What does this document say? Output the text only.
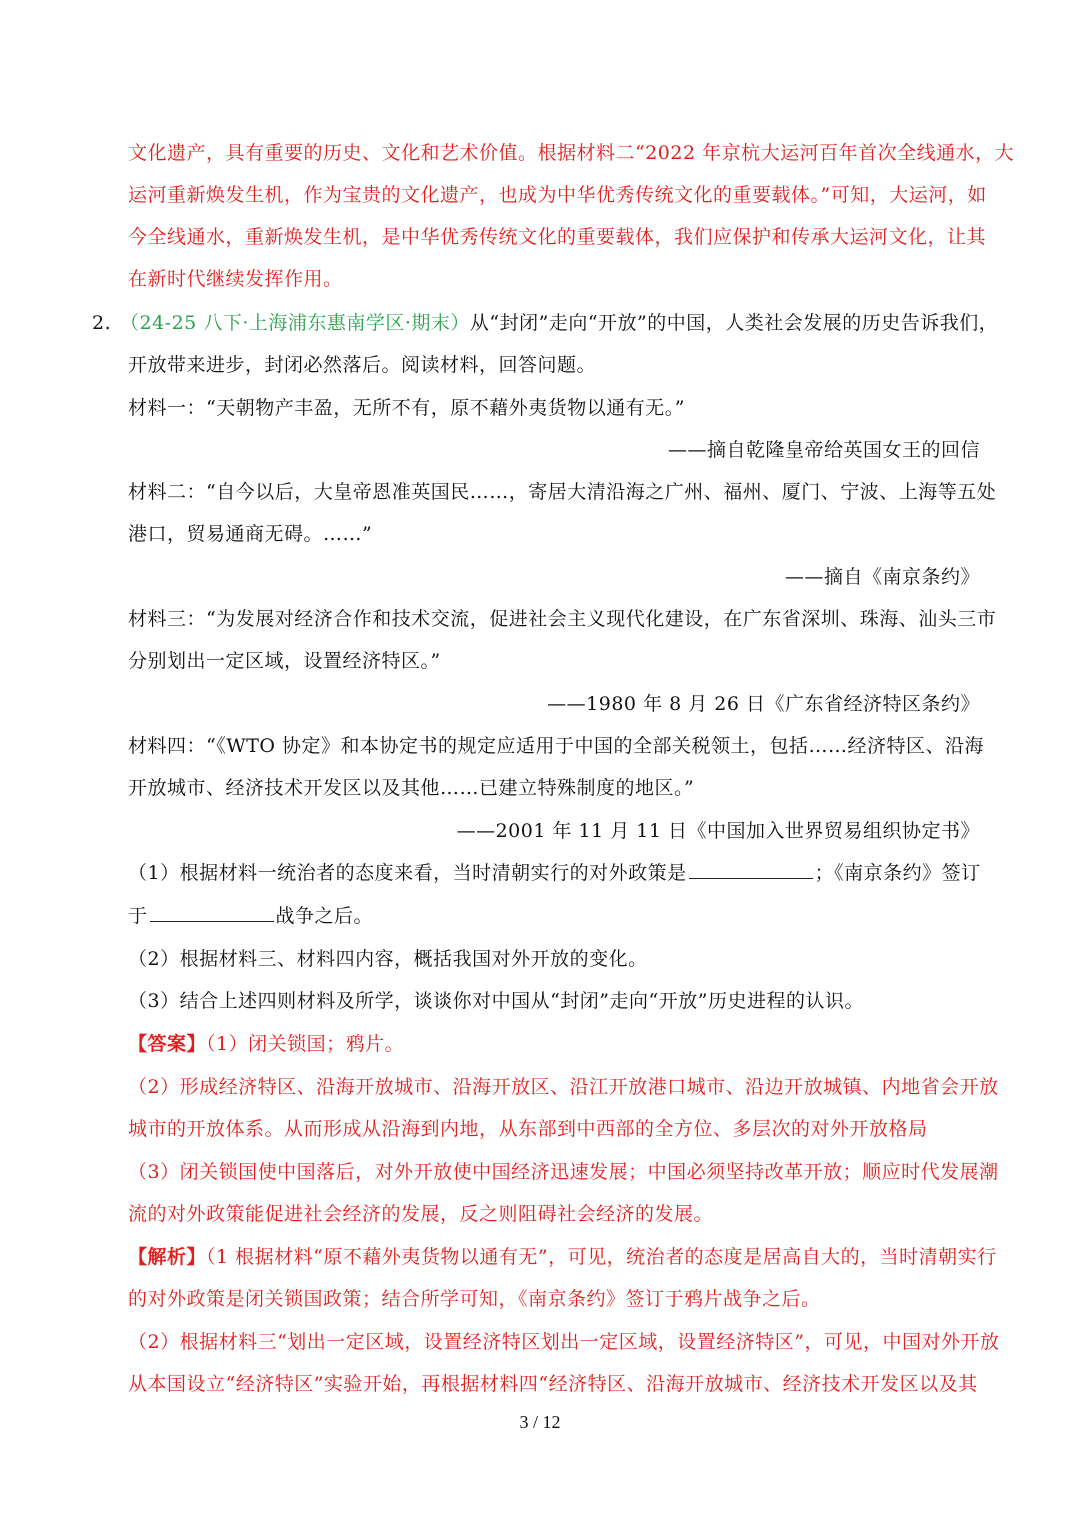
文化遗产，具有重要的历史、文化和艺术价值。根据材料二“2022 年京杭大运河百年首次全线通水，大
运河重新焕发生机，作为宝贵的文化遗产，也成为中华优秀传统文化的重要载体。”可知，大运河，如
今全线通水，重新焕发生机，是中华优秀传统文化的重要载体，我们应保护和传承大运河文化，让其
在新时代继续发挥作用。
2. （24-25 八下·上海浦东惠南学区·期末）从“封闭”走向“开放”的中国，人类社会发展的历史告诉我们，
开放带来进步，封闭必然落后。阅读材料，回答问题。
材料一：“天朝物产丰盈，无所不有，原不藉外夷货物以通有无。”
——摘自乾隆皇帝给英国女王的回信
材料二：“自今以后，大皇帝恩准英国民……，寄居大清沿海之广州、福州、厦门、宁波、上海等五处
港口，贸易通商无碍。……”
——摘自《南京条约》
材料三：“为发展对经济合作和技术交流，促进社会主义现代化建设，在广东省深圳、珠海、汕头三市
分别划出一定区域，设置经济特区。”
——1980 年 8 月 26 日《广东省经济特区条约》
材料四：“《WTO 协定》和本协定书的规定应适用于中国的全部关税领土，包括……经济特区、沿海
开放城市、经济技术开发区以及其他……已建立特殊制度的地区。”
——2001 年 11 月 11 日《中国加入世界贸易组织协定书》
（1）根据材料一统治者的态度来看，当时清朝实行的对外政策是	；《南京条约》签订
于	战争之后。
（2）根据材料三、材料四内容，概括我国对外开放的变化。
（3）结合上述四则材料及所学，谈谈你对中国从“封闭”走向“开放”历史进程的认识。
【答案】（1）闭关锁国；鸦片。
（2）形成经济特区、沿海开放城市、沿海开放区、沿江开放港口城市、沿边开放城镇、内地省会开放
城市的开放体系。从而形成从沿海到内地，从东部到中西部的全方位、多层次的对外开放格局
（3）闭关锁国使中国落后，对外开放使中国经济迅速发展；中国必须坚持改革开放；顺应时代发展潮
流的对外政策能促进社会经济的发展，反之则阻碍社会经济的发展。
【解析】（1 根据材料“原不藉外夷货物以通有无”，可见，统治者的态度是居高自大的，当时清朝实行
的对外政策是闭关锁国政策；结合所学可知，《南京条约》签订于鸦片战争之后。
（2）根据材料三“划出一定区域，设置经济特区划出一定区域，设置经济特区”，可见，中国对外开放
从本国设立“经济特区”实验开始，再根据材料四“经济特区、沿海开放城市、经济技术开发区以及其
3 / 12
